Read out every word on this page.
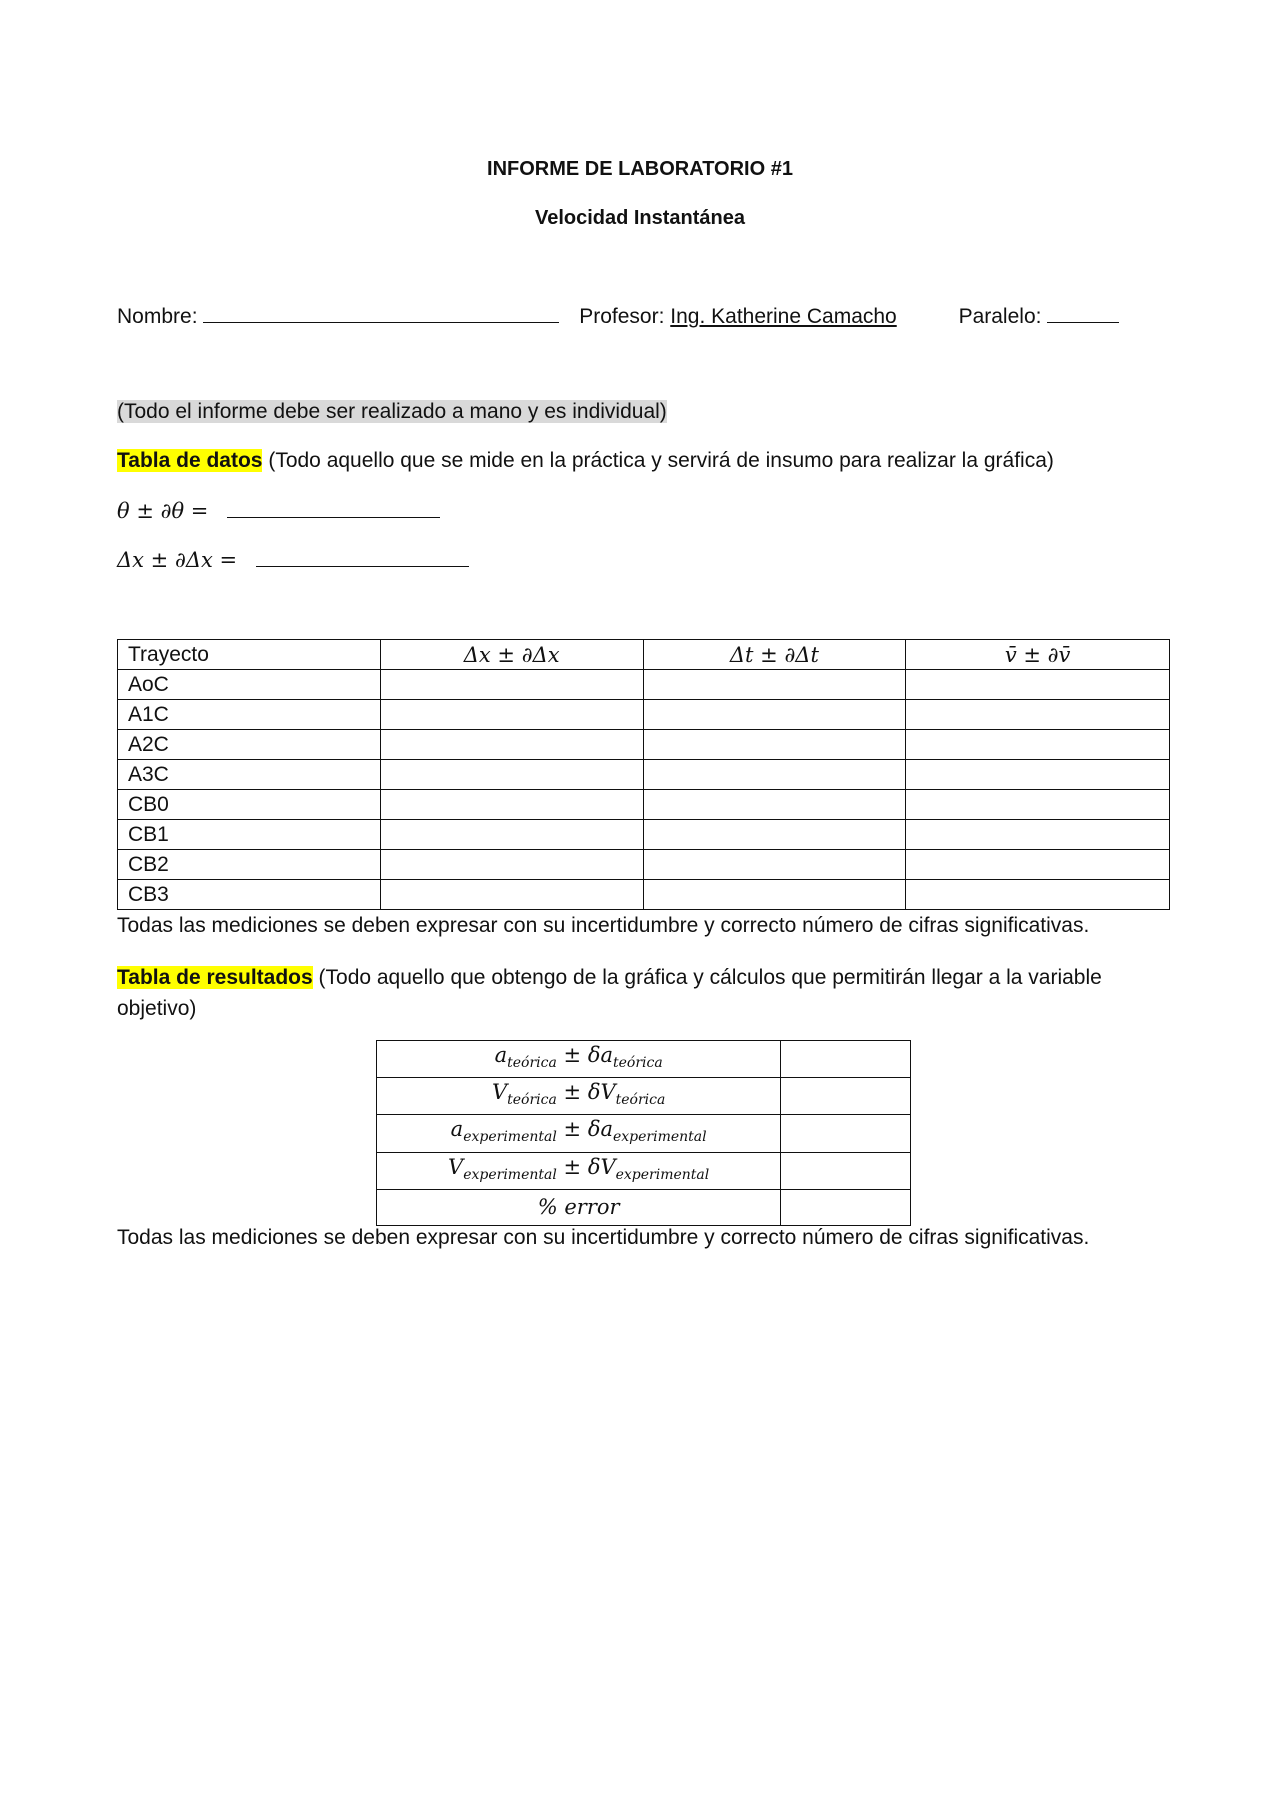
INFORME DE LABORATORIO #1
Velocidad Instantánea
Nombre:	Profesor: Ing. Katherine Camacho	Paralelo:
(Todo el informe debe ser realizado a mano y es individual)
Tabla de datos (Todo aquello que se mide en la práctica y servirá de insumo para realizar la gráfica)
θ ± ∂θ =
Δx ± ∂Δx =
Trayecto	Δx ± ∂Δx	Δt ± ∂Δt	v̄ ± ∂v̄
AoC			
A1C			
A2C			
A3C			
CB0			
CB1			
CB2			
CB3			
Todas las mediciones se deben expresar con su incertidumbre y correcto número de cifras significativas.
Tabla de resultados (Todo aquello que obtengo de la gráfica y cálculos que permitirán llegar a la variable
objetivo)
$a_{teórica} \pm \delta a_{teórica}$	
$V_{teórica} \pm \delta V_{teórica}$	
$a_{experimental} \pm \delta a_{experimental}$	
$V_{experimental} \pm \delta V_{experimental}$	
% error	
Todas las mediciones se deben expresar con su incertidumbre y correcto número de cifras significativas.
